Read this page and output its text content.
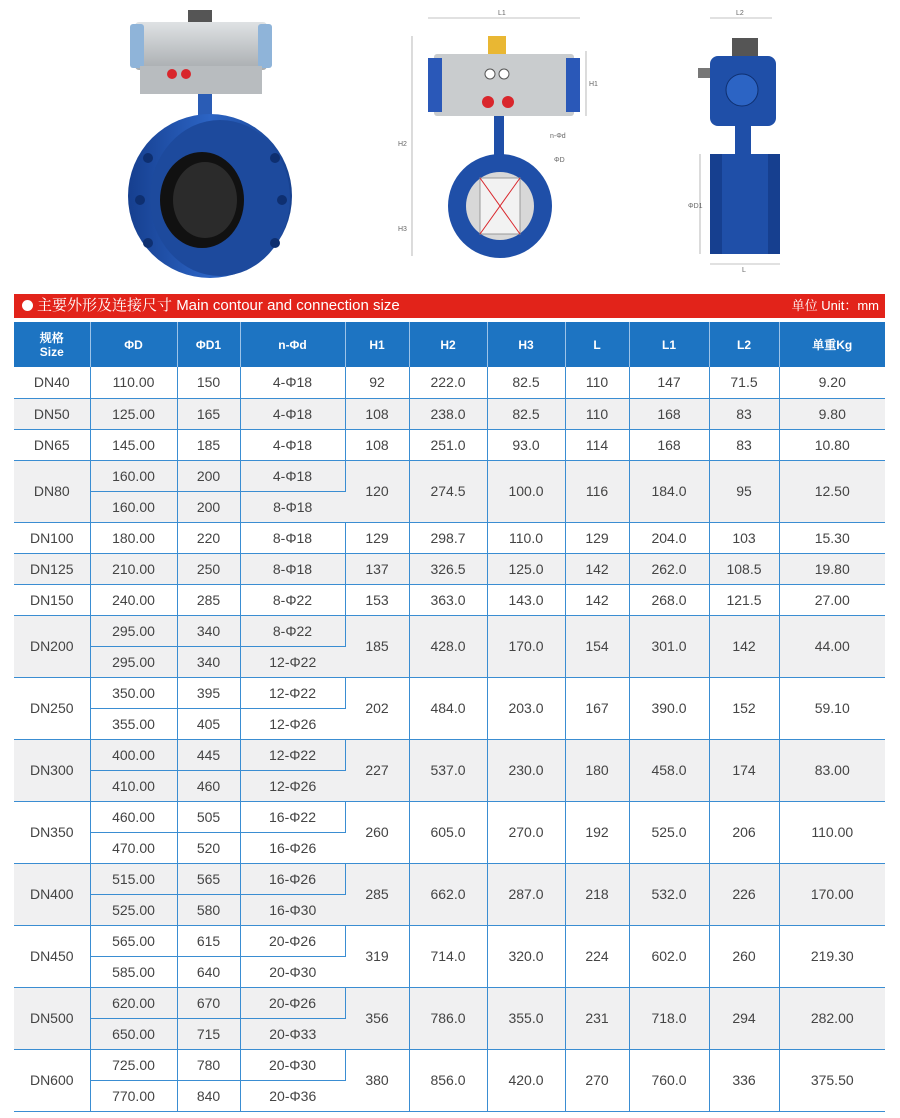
L1
H2
H3
H1
n-Φd
ΦD
L2
ΦD1
L
主要外形及连接尺寸 Main contour and connection size	单位 Unit：mm
规格
Size	ΦD	ΦD1	n-Φd	H1	H2	H3	L	L1	L2	单重Kg
DN40	110.00	150	4-Φ18	92	222.0	82.5	110	147	71.5	9.20
DN50	125.00	165	4-Φ18	108	238.0	82.5	110	168	83	9.80
DN65	145.00	185	4-Φ18	108	251.0	93.0	114	168	83	10.80
DN80	160.00	200	4-Φ18	120	274.5	100.0	116	184.0	95	12.50
	160.00	200	8-Φ18							
DN100	180.00	220	8-Φ18	129	298.7	110.0	129	204.0	103	15.30
DN125	210.00	250	8-Φ18	137	326.5	125.0	142	262.0	108.5	19.80
DN150	240.00	285	8-Φ22	153	363.0	143.0	142	268.0	121.5	27.00
DN200	295.00	340	8-Φ22	185	428.0	170.0	154	301.0	142	44.00
	295.00	340	12-Φ22							
DN250	350.00	395	12-Φ22	202	484.0	203.0	167	390.0	152	59.10
	355.00	405	12-Φ26							
DN300	400.00	445	12-Φ22	227	537.0	230.0	180	458.0	174	83.00
	410.00	460	12-Φ26							
DN350	460.00	505	16-Φ22	260	605.0	270.0	192	525.0	206	110.00
	470.00	520	16-Φ26							
DN400	515.00	565	16-Φ26	285	662.0	287.0	218	532.0	226	170.00
	525.00	580	16-Φ30							
DN450	565.00	615	20-Φ26	319	714.0	320.0	224	602.0	260	219.30
	585.00	640	20-Φ30							
DN500	620.00	670	20-Φ26	356	786.0	355.0	231	718.0	294	282.00
	650.00	715	20-Φ33							
DN600	725.00	780	20-Φ30	380	856.0	420.0	270	760.0	336	375.50
	770.00	840	20-Φ36							
